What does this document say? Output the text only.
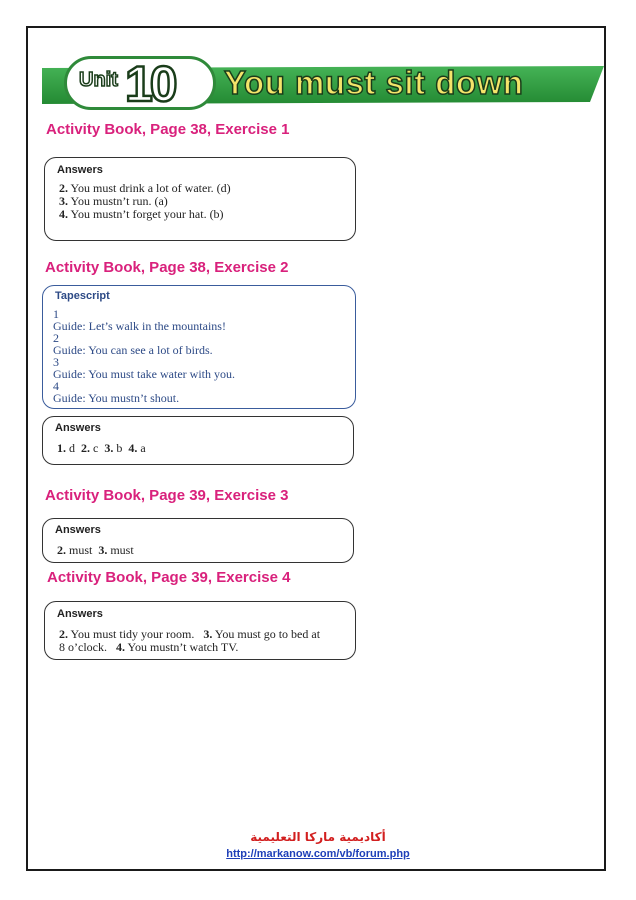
Unit 10 You must sit down
Activity Book, Page 38, Exercise 1
Answers
2. You must drink a lot of water. (d)
3. You mustn’t run. (a)
4. You mustn’t forget your hat. (b)
Activity Book, Page 38, Exercise 2
Tapescript
1
Guide: Let’s walk in the mountains!
2
Guide: You can see a lot of birds.
3
Guide: You must take water with you.
4
Guide: You mustn’t shout.
Answers
1. d  2. c  3. b  4. a
Activity Book, Page 39, Exercise 3
Answers
2. must  3. must
Activity Book, Page 39, Exercise 4
Answers
2. You must tidy your room.   3. You must go to bed at
8 o’clock.   4. You mustn’t watch TV.
أكاديمية ماركا التعليمية
http://markanow.com/vb/forum.php
